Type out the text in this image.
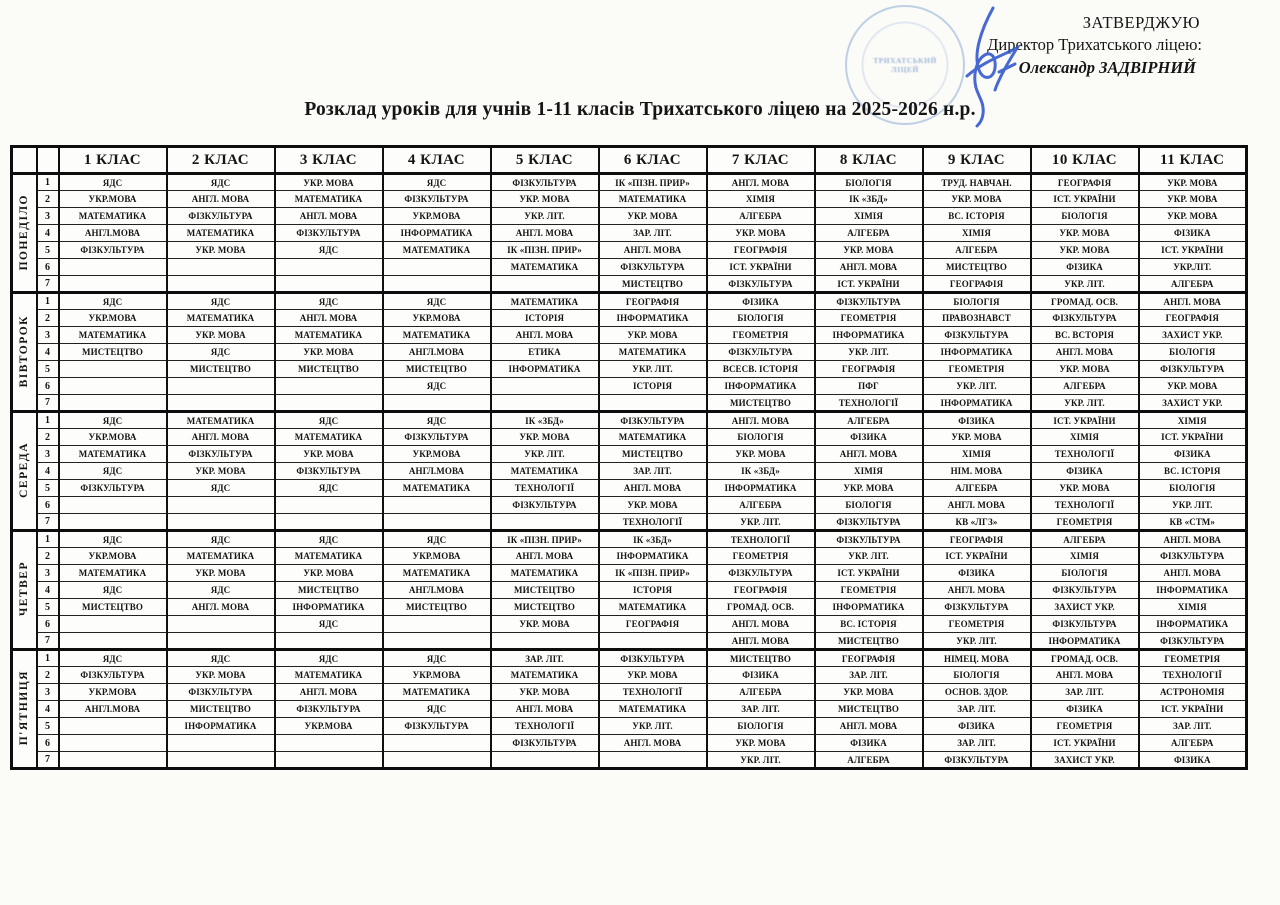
ТРИХАТСЬКИЙ
ЛІЦЕЙ
ЗАТВЕРДЖУЮ
Директор Трихатського ліцею:
Олександр ЗАДВІРНИЙ
Розклад уроків для учнів 1-11 класів Трихатського ліцею на 2025-2026 н.р.
		1 КЛАС	2 КЛАС	3 КЛАС	4 КЛАС	5 КЛАС	6 КЛАС	7 КЛАС	8 КЛАС	9 КЛАС	10 КЛАС	11 КЛАС
ПОНЕДІЛО	1	ЯДС	ЯДС	УКР. МОВА	ЯДС	ФІЗКУЛЬТУРА	ІК «ПІЗН. ПРИР»	АНГЛ. МОВА	БІОЛОГІЯ	ТРУД. НАВЧАН.	ГЕОГРАФІЯ	УКР. МОВА
	2	УКР.МОВА	АНГЛ. МОВА	МАТЕМАТИКА	ФІЗКУЛЬТУРА	УКР. МОВА	МАТЕМАТИКА	ХІМІЯ	ІК «ЗБД»	УКР. МОВА	ІСТ. УКРАЇНИ	УКР. МОВА
	3	МАТЕМАТИКА	ФІЗКУЛЬТУРА	АНГЛ. МОВА	УКР.МОВА	УКР. ЛІТ.	УКР. МОВА	АЛГЕБРА	ХІМІЯ	ВС. ІСТОРІЯ	БІОЛОГІЯ	УКР. МОВА
	4	АНГЛ.МОВА	МАТЕМАТИКА	ФІЗКУЛЬТУРА	ІНФОРМАТИКА	АНГЛ. МОВА	ЗАР. ЛІТ.	УКР. МОВА	АЛГЕБРА	ХІМІЯ	УКР. МОВА	ФІЗИКА
	5	ФІЗКУЛЬТУРА	УКР. МОВА	ЯДС	МАТЕМАТИКА	ІК «ПІЗН. ПРИР»	АНГЛ. МОВА	ГЕОГРАФІЯ	УКР. МОВА	АЛГЕБРА	УКР. МОВА	ІСТ. УКРАЇНИ
	6					МАТЕМАТИКА	ФІЗКУЛЬТУРА	ІСТ. УКРАЇНИ	АНГЛ. МОВА	МИСТЕЦТВО	ФІЗИКА	УКР.ЛІТ.
	7						МИСТЕЦТВО	ФІЗКУЛЬТУРА	ІСТ. УКРАЇНИ	ГЕОГРАФІЯ	УКР. ЛІТ.	АЛГЕБРА
ВІВТОРОК	1	ЯДС	ЯДС	ЯДС	ЯДС	МАТЕМАТИКА	ГЕОГРАФІЯ	ФІЗИКА	ФІЗКУЛЬТУРА	БІОЛОГІЯ	ГРОМАД. ОСВ.	АНГЛ. МОВА
	2	УКР.МОВА	МАТЕМАТИКА	АНГЛ. МОВА	УКР.МОВА	ІСТОРІЯ	ІНФОРМАТИКА	БІОЛОГІЯ	ГЕОМЕТРІЯ	ПРАВОЗНАВСТ	ФІЗКУЛЬТУРА	ГЕОГРАФІЯ
	3	МАТЕМАТИКА	УКР. МОВА	МАТЕМАТИКА	МАТЕМАТИКА	АНГЛ. МОВА	УКР. МОВА	ГЕОМЕТРІЯ	ІНФОРМАТИКА	ФІЗКУЛЬТУРА	ВС. ВСТОРІЯ	ЗАХИСТ УКР.
	4	МИСТЕЦТВО	ЯДС	УКР. МОВА	АНГЛ.МОВА	ЕТИКА	МАТЕМАТИКА	ФІЗКУЛЬТУРА	УКР. ЛІТ.	ІНФОРМАТИКА	АНГЛ. МОВА	БІОЛОГІЯ
	5		МИСТЕЦТВО	МИСТЕЦТВО	МИСТЕЦТВО	ІНФОРМАТИКА	УКР. ЛІТ.	ВСЕСВ. ІСТОРІЯ	ГЕОГРАФІЯ	ГЕОМЕТРІЯ	УКР. МОВА	ФІЗКУЛЬТУРА
	6				ЯДС		ІСТОРІЯ	ІНФОРМАТИКА	ПФГ	УКР. ЛІТ.	АЛГЕБРА	УКР. МОВА
	7							МИСТЕЦТВО	ТЕХНОЛОГІЇ	ІНФОРМАТИКА	УКР. ЛІТ.	ЗАХИСТ УКР.
СЕРЕДА	1	ЯДС	МАТЕМАТИКА	ЯДС	ЯДС	ІК «ЗБД»	ФІЗКУЛЬТУРА	АНГЛ. МОВА	АЛГЕБРА	ФІЗИКА	ІСТ. УКРАЇНИ	ХІМІЯ
	2	УКР.МОВА	АНГЛ. МОВА	МАТЕМАТИКА	ФІЗКУЛЬТУРА	УКР. МОВА	МАТЕМАТИКА	БІОЛОГІЯ	ФІЗИКА	УКР. МОВА	ХІМІЯ	ІСТ. УКРАЇНИ
	3	МАТЕМАТИКА	ФІЗКУЛЬТУРА	УКР. МОВА	УКР.МОВА	УКР. ЛІТ.	МИСТЕЦТВО	УКР. МОВА	АНГЛ. МОВА	ХІМІЯ	ТЕХНОЛОГІЇ	ФІЗИКА
	4	ЯДС	УКР. МОВА	ФІЗКУЛЬТУРА	АНГЛ.МОВА	МАТЕМАТИКА	ЗАР. ЛІТ.	ІК «ЗБД»	ХІМІЯ	НІМ. МОВА	ФІЗИКА	ВС. ІСТОРІЯ
	5	ФІЗКУЛЬТУРА	ЯДС	ЯДС	МАТЕМАТИКА	ТЕХНОЛОГІЇ	АНГЛ. МОВА	ІНФОРМАТИКА	УКР. МОВА	АЛГЕБРА	УКР. МОВА	БІОЛОГІЯ
	6					ФІЗКУЛЬТУРА	УКР. МОВА	АЛГЕБРА	БІОЛОГІЯ	АНГЛ. МОВА	ТЕХНОЛОГІЇ	УКР. ЛІТ.
	7						ТЕХНОЛОГІЇ	УКР. ЛІТ.	ФІЗКУЛЬТУРА	КВ «ЛГЗ»	ГЕОМЕТРІЯ	КВ «СТМ»
ЧЕТВЕР	1	ЯДС	ЯДС	ЯДС	ЯДС	ІК «ПІЗН. ПРИР»	ІК «ЗБД»	ТЕХНОЛОГІЇ	ФІЗКУЛЬТУРА	ГЕОГРАФІЯ	АЛГЕБРА	АНГЛ. МОВА
	2	УКР.МОВА	МАТЕМАТИКА	МАТЕМАТИКА	УКР.МОВА	АНГЛ. МОВА	ІНФОРМАТИКА	ГЕОМЕТРІЯ	УКР. ЛІТ.	ІСТ. УКРАЇНИ	ХІМІЯ	ФІЗКУЛЬТУРА
	3	МАТЕМАТИКА	УКР. МОВА	УКР. МОВА	МАТЕМАТИКА	МАТЕМАТИКА	ІК «ПІЗН. ПРИР»	ФІЗКУЛЬТУРА	ІСТ. УКРАЇНИ	ФІЗИКА	БІОЛОГІЯ	АНГЛ. МОВА
	4	ЯДС	ЯДС	МИСТЕЦТВО	АНГЛ.МОВА	МИСТЕЦТВО	ІСТОРІЯ	ГЕОГРАФІЯ	ГЕОМЕТРІЯ	АНГЛ. МОВА	ФІЗКУЛЬТУРА	ІНФОРМАТИКА
	5	МИСТЕЦТВО	АНГЛ. МОВА	ІНФОРМАТИКА	МИСТЕЦТВО	МИСТЕЦТВО	МАТЕМАТИКА	ГРОМАД. ОСВ.	ІНФОРМАТИКА	ФІЗКУЛЬТУРА	ЗАХИСТ УКР.	ХІМІЯ
	6			ЯДС		УКР. МОВА	ГЕОГРАФІЯ	АНГЛ. МОВА	ВС. ІСТОРІЯ	ГЕОМЕТРІЯ	ФІЗКУЛЬТУРА	ІНФОРМАТИКА
	7							АНГЛ. МОВА	МИСТЕЦТВО	УКР. ЛІТ.	ІНФОРМАТИКА	ФІЗКУЛЬТУРА
П'ЯТНИЦЯ	1	ЯДС	ЯДС	ЯДС	ЯДС	ЗАР. ЛІТ.	ФІЗКУЛЬТУРА	МИСТЕЦТВО	ГЕОГРАФІЯ	НІМЕЦ. МОВА	ГРОМАД. ОСВ.	ГЕОМЕТРІЯ
	2	ФІЗКУЛЬТУРА	УКР. МОВА	МАТЕМАТИКА	УКР.МОВА	МАТЕМАТИКА	УКР. МОВА	ФІЗИКА	ЗАР. ЛІТ.	БІОЛОГІЯ	АНГЛ. МОВА	ТЕХНОЛОГІЇ
	3	УКР.МОВА	ФІЗКУЛЬТУРА	АНГЛ. МОВА	МАТЕМАТИКА	УКР. МОВА	ТЕХНОЛОГІЇ	АЛГЕБРА	УКР. МОВА	ОСНОВ. ЗДОР.	ЗАР. ЛІТ.	АСТРОНОМІЯ
	4	АНГЛ.МОВА	МИСТЕЦТВО	ФІЗКУЛЬТУРА	ЯДС	АНГЛ. МОВА	МАТЕМАТИКА	ЗАР. ЛІТ.	МИСТЕЦТВО	ЗАР. ЛІТ.	ФІЗИКА	ІСТ. УКРАЇНИ
	5		ІНФОРМАТИКА	УКР.МОВА	ФІЗКУЛЬТУРА	ТЕХНОЛОГІЇ	УКР. ЛІТ.	БІОЛОГІЯ	АНГЛ. МОВА	ФІЗИКА	ГЕОМЕТРІЯ	ЗАР. ЛІТ.
	6					ФІЗКУЛЬТУРА	АНГЛ. МОВА	УКР. МОВА	ФІЗИКА	ЗАР. ЛІТ.	ІСТ. УКРАЇНИ	АЛГЕБРА
	7							УКР. ЛІТ.	АЛГЕБРА	ФІЗКУЛЬТУРА	ЗАХИСТ УКР.	ФІЗИКА
